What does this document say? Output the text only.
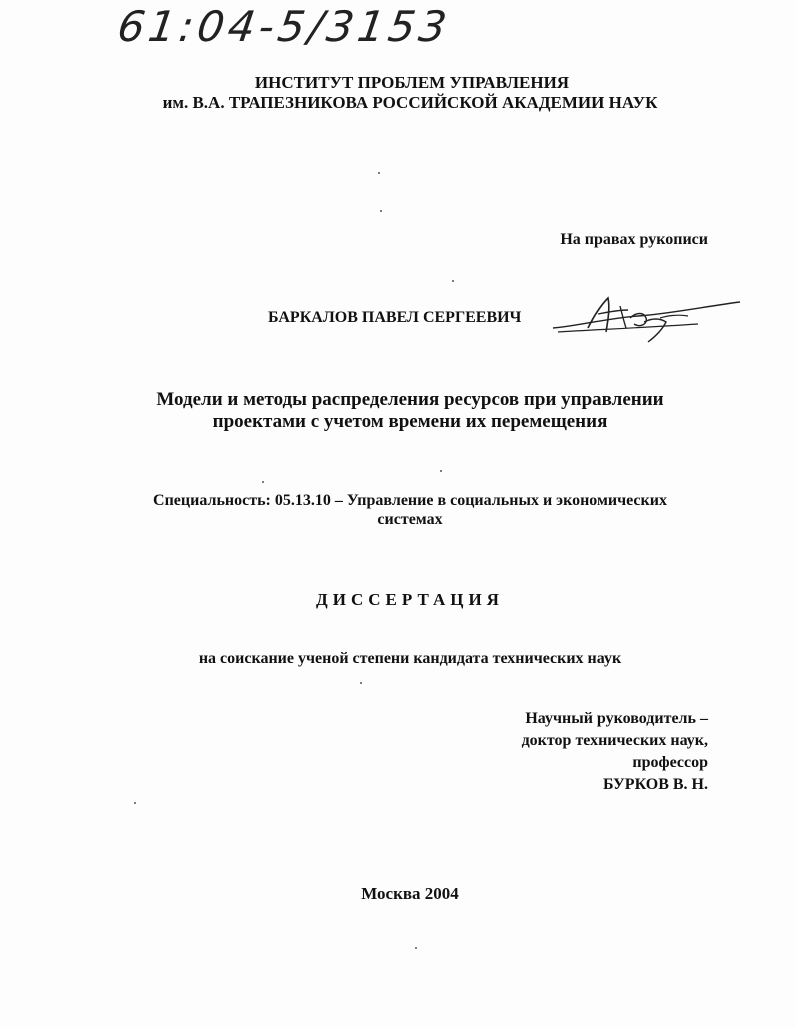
61:04-5/3153
ИНСТИТУТ ПРОБЛЕМ УПРАВЛЕНИЯ
им. В.А. ТРАПЕЗНИКОВА РОССИЙСКОЙ АКАДЕМИИ НАУК
На правах рукописи
БАРКАЛОВ ПАВЕЛ СЕРГЕЕВИЧ
Модели и методы распределения ресурсов при управлении
проектами с учетом времени их перемещения
Специальность: 05.13.10 – Управление в социальных и экономических
системах
ДИССЕРТАЦИЯ
на соискание ученой степени кандидата технических наук
Научный руководитель –
доктор технических наук,
профессор
БУРКОВ В. Н.
Москва 2004
